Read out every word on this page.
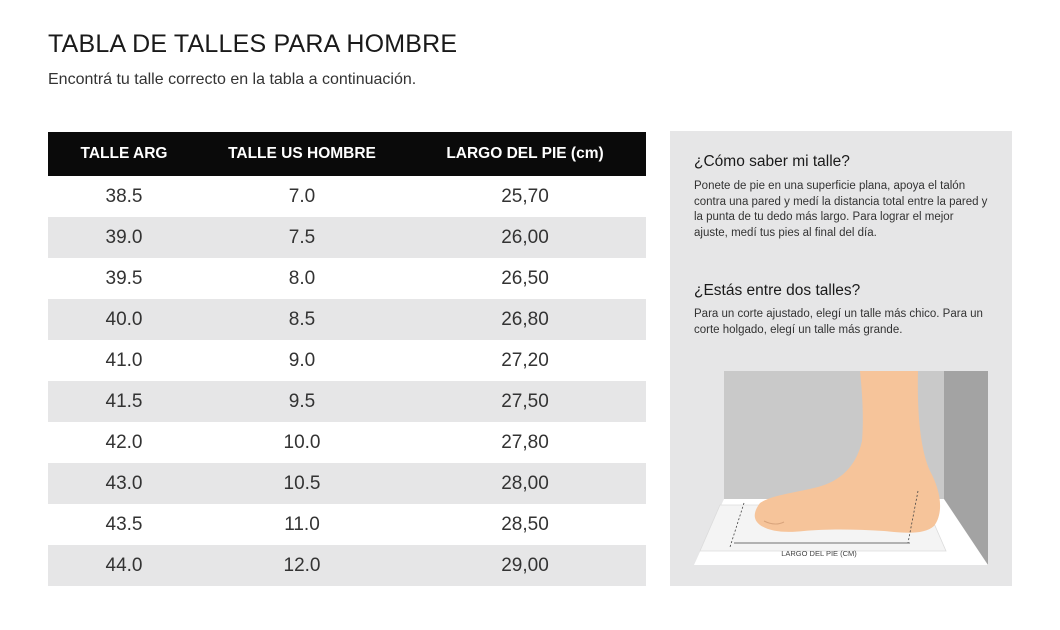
TABLA DE TALLES PARA HOMBRE

Encontrá tu talle correcto en la tabla a continuación.

TALLE ARG	TALLE US HOMBRE	LARGO DEL PIE (cm)
38.5	7.0	25,70
39.0	7.5	26,00
39.5	8.0	26,50
40.0	8.5	26,80
41.0	9.0	27,20
41.5	9.5	27,50
42.0	10.0	27,80
43.0	10.5	28,00
43.5	11.0	28,50
44.0	12.0	29,00
¿Cómo saber mi talle?

Ponete de pie en una superficie plana, apoya el talón contra una pared y medí la distancia total entre la pared y la punta de tu dedo más largo. Para lograr el mejor ajuste, medí tus pies al final del día.

¿Estás entre dos talles?

Para un corte ajustado, elegí un talle más chico. Para un corte holgado, elegí un talle más grande.

LARGO DEL PIE (CM)
